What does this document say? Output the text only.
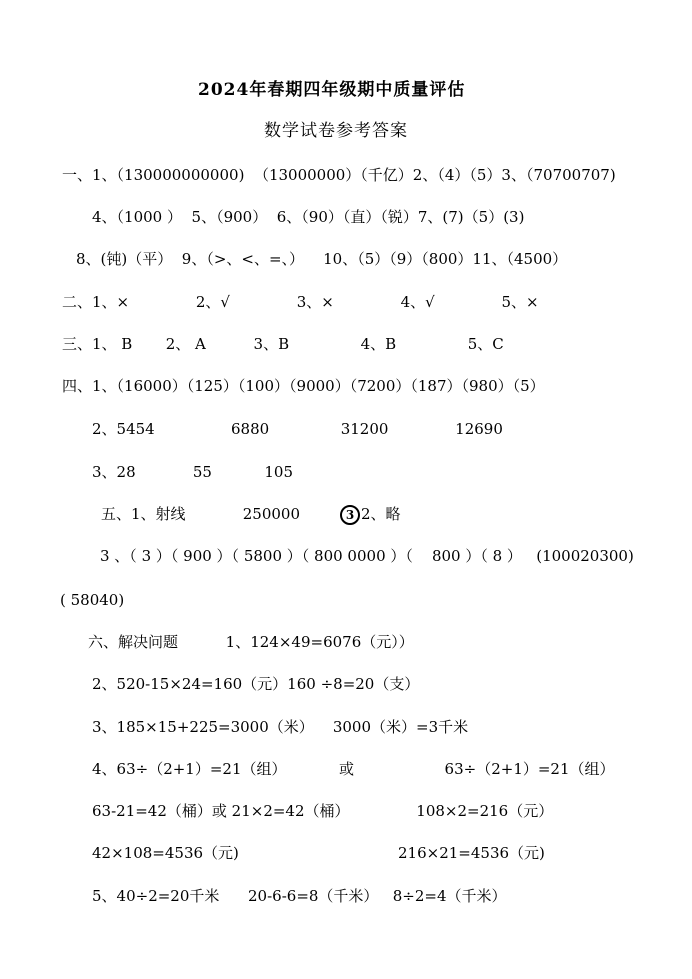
2024年春期四年级期中质量评估
数学试卷参考答案
一、1、（130000000000)  （13000000）（千亿）2、（4）（5）3、（70700707)
4、（1000 ）  5、（900）  6、（90）（直）（锐）7、(7)（5）(3)
8、(钝)（平）  9、（>、<、=、）    10、（5）（9）（800）11、（4500）
二、1、×              2、√              3、×              4、√              5、×
三、1、 B       2、 A          3、B               4、B               5、C
四、1、（16000）（125）（100）（9000）（7200）（187）（980）（5）
2、5454                6880               31200              12690
3、28            55           105
五、1、射线            250000	3 2、略
3 、（ 3 ）（ 900 ）（ 5800 ）（ 800 0000 ）（    800 ）（ 8 ）   (100020300)
( 58040)
六、解决问题          1、124×49=6076（元））
2、520-15×24=160（元）160 ÷8=20（支）
3、185×15+225=3000（米）    3000（米）=3千米
4、63÷（2+1）=21（组）           或                   63÷（2+1）=21（组）
63-21=42（桶）或 21×2=42（桶）              108×2=216（元）
42×108=4536（元)	216×21=4536（元)
5、40÷2=20千米      20-6-6=8（千米）   8÷2=4（千米）
